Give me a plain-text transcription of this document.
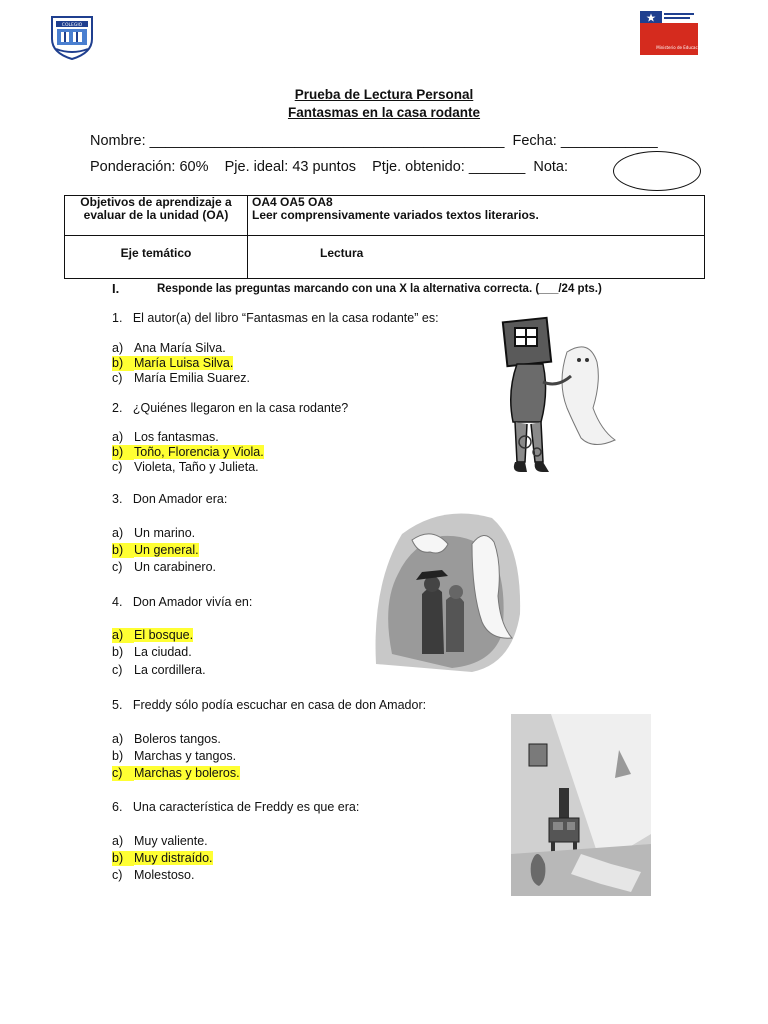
COLEGIO
Ministerio de Educación
Prueba de Lectura Personal
Fantasmas en la casa rodante
Nombre: ____________________________________________  Fecha: ____________
Ponderación: 60%    Pje. ideal: 43 puntos    Ptje. obtenido: _______  Nota:
Objetivos de aprendizaje a evaluar de la unidad (OA)	OA4 OA5 OA8
Leer comprensivamente variados textos literarios.

Eje temático	Lectura
I.	Responde las preguntas marcando con una X la alternativa correcta. (___/24 pts.)
1.   El autor(a) del libro “Fantasmas en la casa rodante” es:
a) Ana María Silva.
b) María Luisa Silva.
c) María Emilia Suarez.
2.   ¿Quiénes llegaron en la casa rodante?
a) Los fantasmas.
b) Toño, Florencia y Viola.
c) Violeta, Taño y Julieta.
3.   Don Amador era:
a) Un marino.
b) Un general.
c) Un carabinero.
4.   Don Amador vivía en:
a) El bosque.
b) La ciudad.
c) La cordillera.
5.   Freddy sólo podía escuchar en casa de don Amador:
a) Boleros tangos.
b) Marchas y tangos.
c) Marchas y boleros.
6.   Una característica de Freddy es que era:
a) Muy valiente.
b) Muy distraído.
c) Molestoso.
